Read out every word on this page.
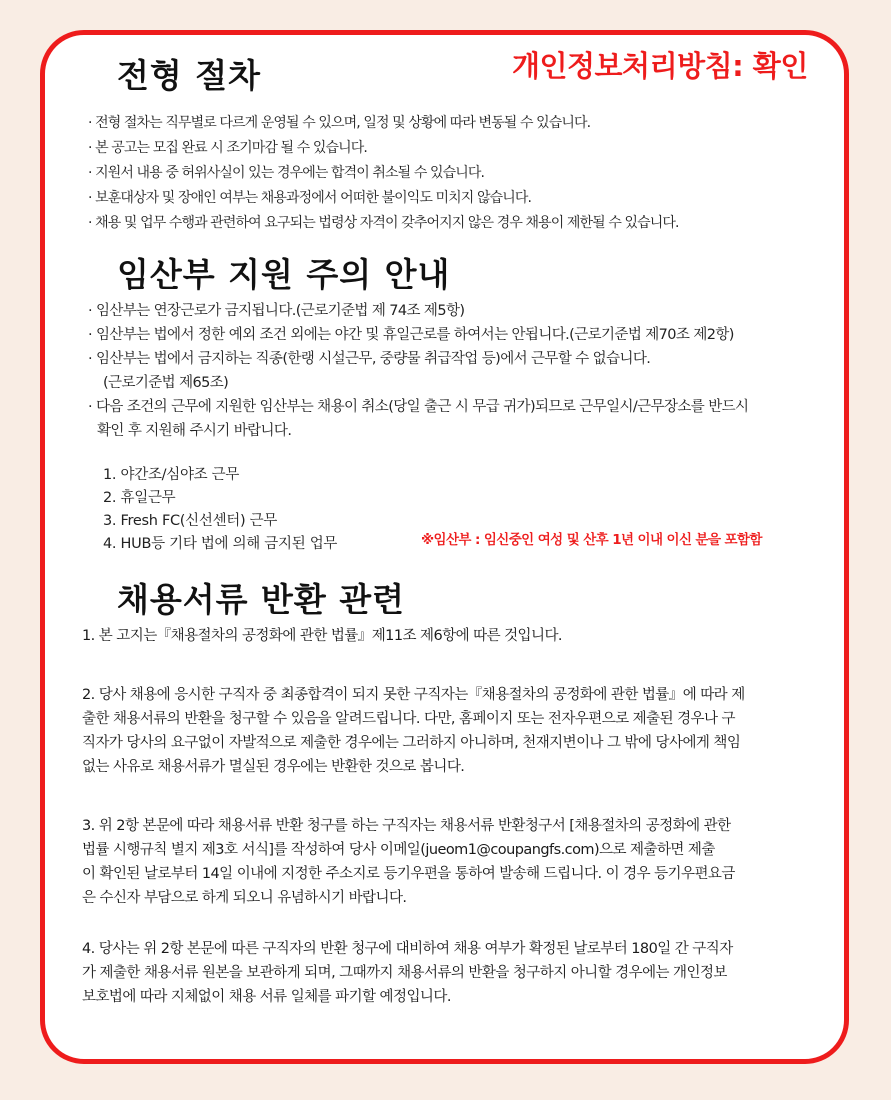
전형 절차	개인정보처리방침: 확인
· 전형 절차는 직무별로 다르게 운영될 수 있으며, 일정 및 상황에 따라 변동될 수 있습니다.
· 본 공고는 모집 완료 시 조기마감 될 수 있습니다.
· 지원서 내용 중 허위사실이 있는 경우에는 합격이 취소될 수 있습니다.
· 보훈대상자 및 장애인 여부는 채용과정에서 어떠한 불이익도 미치지 않습니다.
· 채용 및 업무 수행과 관련하여 요구되는 법령상 자격이 갖추어지지 않은 경우 채용이 제한될 수 있습니다.
임산부 지원 주의 안내
· 임산부는 연장근로가 금지됩니다.(근로기준법 제 74조 제5항)
· 임산부는 법에서 정한 예외 조건 외에는 야간 및 휴일근로를 하여서는 안됩니다.(근로기준법 제70조 제2항)
· 임산부는 법에서 금지하는 직종(한랭 시설근무, 중량물 취급작업 등)에서 근무할 수 없습니다.
(근로기준법 제65조)
· 다음 조건의 근무에 지원한 임산부는 채용이 취소(당일 출근 시 무급 귀가)되므로 근무일시/근무장소를 반드시
확인 후 지원해 주시기 바랍니다.
1. 야간조/심야조 근무
2. 휴일근무
3. Fresh FC(신선센터) 근무
4. HUB등 기타 법에 의해 금지된 업무	※임산부 : 임신중인 여성 및 산후 1년 이내 이신 분을 포함함
채용서류 반환 관련
1. 본 고지는『채용절차의 공정화에 관한 법률』제11조 제6항에 따른 것입니다.
2. 당사 채용에 응시한 구직자 중 최종합격이 되지 못한 구직자는『채용절차의 공정화에 관한 법률』에 따라 제
출한 채용서류의 반환을 청구할 수 있음을 알려드립니다. 다만, 홈페이지 또는 전자우편으로 제출된 경우나 구
직자가 당사의 요구없이 자발적으로 제출한 경우에는 그러하지 아니하며, 천재지변이나 그 밖에 당사에게 책임
없는 사유로 채용서류가 멸실된 경우에는 반환한 것으로 봅니다.
3. 위 2항 본문에 따라 채용서류 반환 청구를 하는 구직자는 채용서류 반환청구서 [채용절차의 공정화에 관한
법률 시행규칙 별지 제3호 서식]를 작성하여 당사 이메일(jueom1@coupangfs.com)으로 제출하면 제출
이 확인된 날로부터 14일 이내에 지정한 주소지로 등기우편을 통하여 발송해 드립니다. 이 경우 등기우편요금
은 수신자 부담으로 하게 되오니 유념하시기 바랍니다.
4. 당사는 위 2항 본문에 따른 구직자의 반환 청구에 대비하여 채용 여부가 확정된 날로부터 180일 간 구직자
가 제출한 채용서류 원본을 보관하게 되며, 그때까지 채용서류의 반환을 청구하지 아니할 경우에는 개인정보
보호법에 따라 지체없이 채용 서류 일체를 파기할 예정입니다.
